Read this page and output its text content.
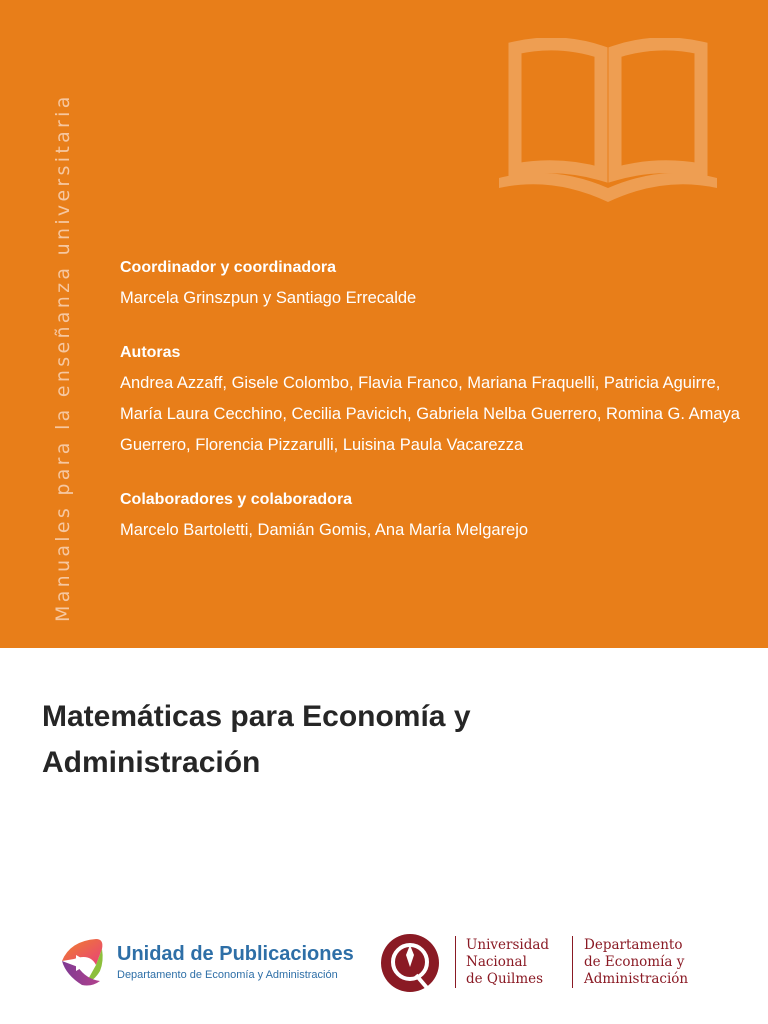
Manuales para la enseñanza universitaria	Coordinador y coordinadora
Marcela Grinszpun y Santiago Errecalde
Autoras
Andrea Azzaff, Gisele Colombo, Flavia Franco, Mariana Fraquelli, Patricia Aguirre, María Laura Cecchino, Cecilia Pavicich, Gabriela Nelba Guerrero, Romina G. Amaya Guerrero, Florencia Pizzarulli, Luisina Paula Vacarezza
Colaboradores y colaboradora
Marcelo Bartoletti, Damián Gomis, Ana María Melgarejo
Matemáticas para Economía y
Administración
Unidad de Publicaciones
Departamento de Economía y Administración
Universidad
Nacional
de Quilmes
Departamento
de Economía y
Administración
